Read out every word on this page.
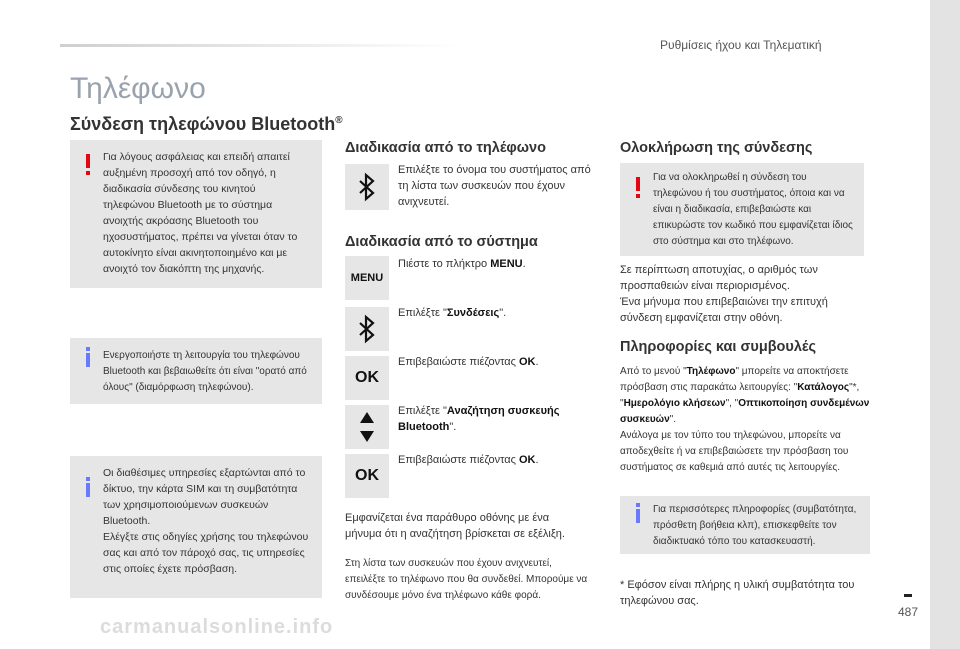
Ρυθμίσεις ήχου και Τηλεματική
Τηλέφωνο
Σύνδεση τηλεφώνου Bluetooth®

Για λόγους ασφάλειας και επειδή απαιτεί αυξημένη προσοχή από τον οδηγό, η διαδικασία σύνδεσης του κινητού τηλεφώνου Bluetooth με το σύστημα ανοιχτής ακρόασης Bluetooth του ηχοσυστήματος, πρέπει να γίνεται όταν το αυτοκίνητο είναι ακινητοποιημένο και με ανοιχτό τον διακόπτη της μηχανής.

Ενεργοποιήστε τη λειτουργία του τηλεφώνου Bluetooth και βεβαιωθείτε ότι είναι "ορατό από όλους" (διαμόρφωση τηλεφώνου).

Οι διαθέσιμες υπηρεσίες εξαρτώνται από το δίκτυο, την κάρτα SIM και τη συμβατότητα των χρησιμοποιούμενων συσκευών Bluetooth.

Ελέγξτε στις οδηγίες χρήσης του τηλεφώνου σας και από τον πάροχό σας, τις υπηρεσίες στις οποίες έχετε πρόσβαση.

Διαδικασία από το τηλέφωνο
Επιλέξτε το όνομα του συστήματος από τη λίστα των συσκευών που έχουν ανιχνευτεί.
Διαδικασία από το σύστημα
MENU
Πιέστε το πλήκτρο MENU.
Επιλέξτε "Συνδέσεις".
OK
Επιβεβαιώστε πιέζοντας OK.
Επιλέξτε "Αναζήτηση συσκευής Bluetooth".
OK
Επιβεβαιώστε πιέζοντας OK.
Εμφανίζεται ένα παράθυρο οθόνης με ένα μήνυμα ότι η αναζήτηση βρίσκεται σε εξέλιξη.
Στη λίστα των συσκευών που έχουν ανιχνευτεί, επειλέξτε το τηλέφωνο που θα συνδεθεί. Μπορούμε να συνδέσουμε μόνο ένα τηλέφωνο κάθε φορά.
Ολοκλήρωση της σύνδεσης

Για να ολοκληρωθεί η σύνδεση του τηλεφώνου ή του συστήματος, όποια και να είναι η διαδικασία, επιβεβαιώστε και επικυρώστε τον κωδικό που εμφανίζεται ίδιος στο σύστημα και στο τηλέφωνο.

Σε περίπτωση αποτυχίας, ο αριθμός των προσπαθειών είναι περιορισμένος.
Ένα μήνυμα που επιβεβαιώνει την επιτυχή σύνδεση εμφανίζεται στην οθόνη.
Πληροφορίες και συμβουλές
Από το μενού "Τηλέφωνο" μπορείτε να αποκτήσετε πρόσβαση στις παρακάτω λειτουργίες: "Κατάλογος"*, "Ημερολόγιο κλήσεων", "Οπτικοποίηση συνδεμένων συσκευών".
Ανάλογα με τον τύπο του τηλεφώνου, μπορείτε να αποδεχθείτε ή να επιβεβαιώσετε την πρόσβαση του συστήματος σε καθεμιά από αυτές τις λειτουργίες.

Για περισσότερες πληροφορίες (συμβατότητα, πρόσθετη βοήθεια κλπ), επισκεφθείτε τον διαδικτυακό τόπο του κατασκευαστή.

* Εφόσον είναι πλήρης η υλική συμβατότητα του τηλεφώνου σας.
487
carmanualsonline.info
